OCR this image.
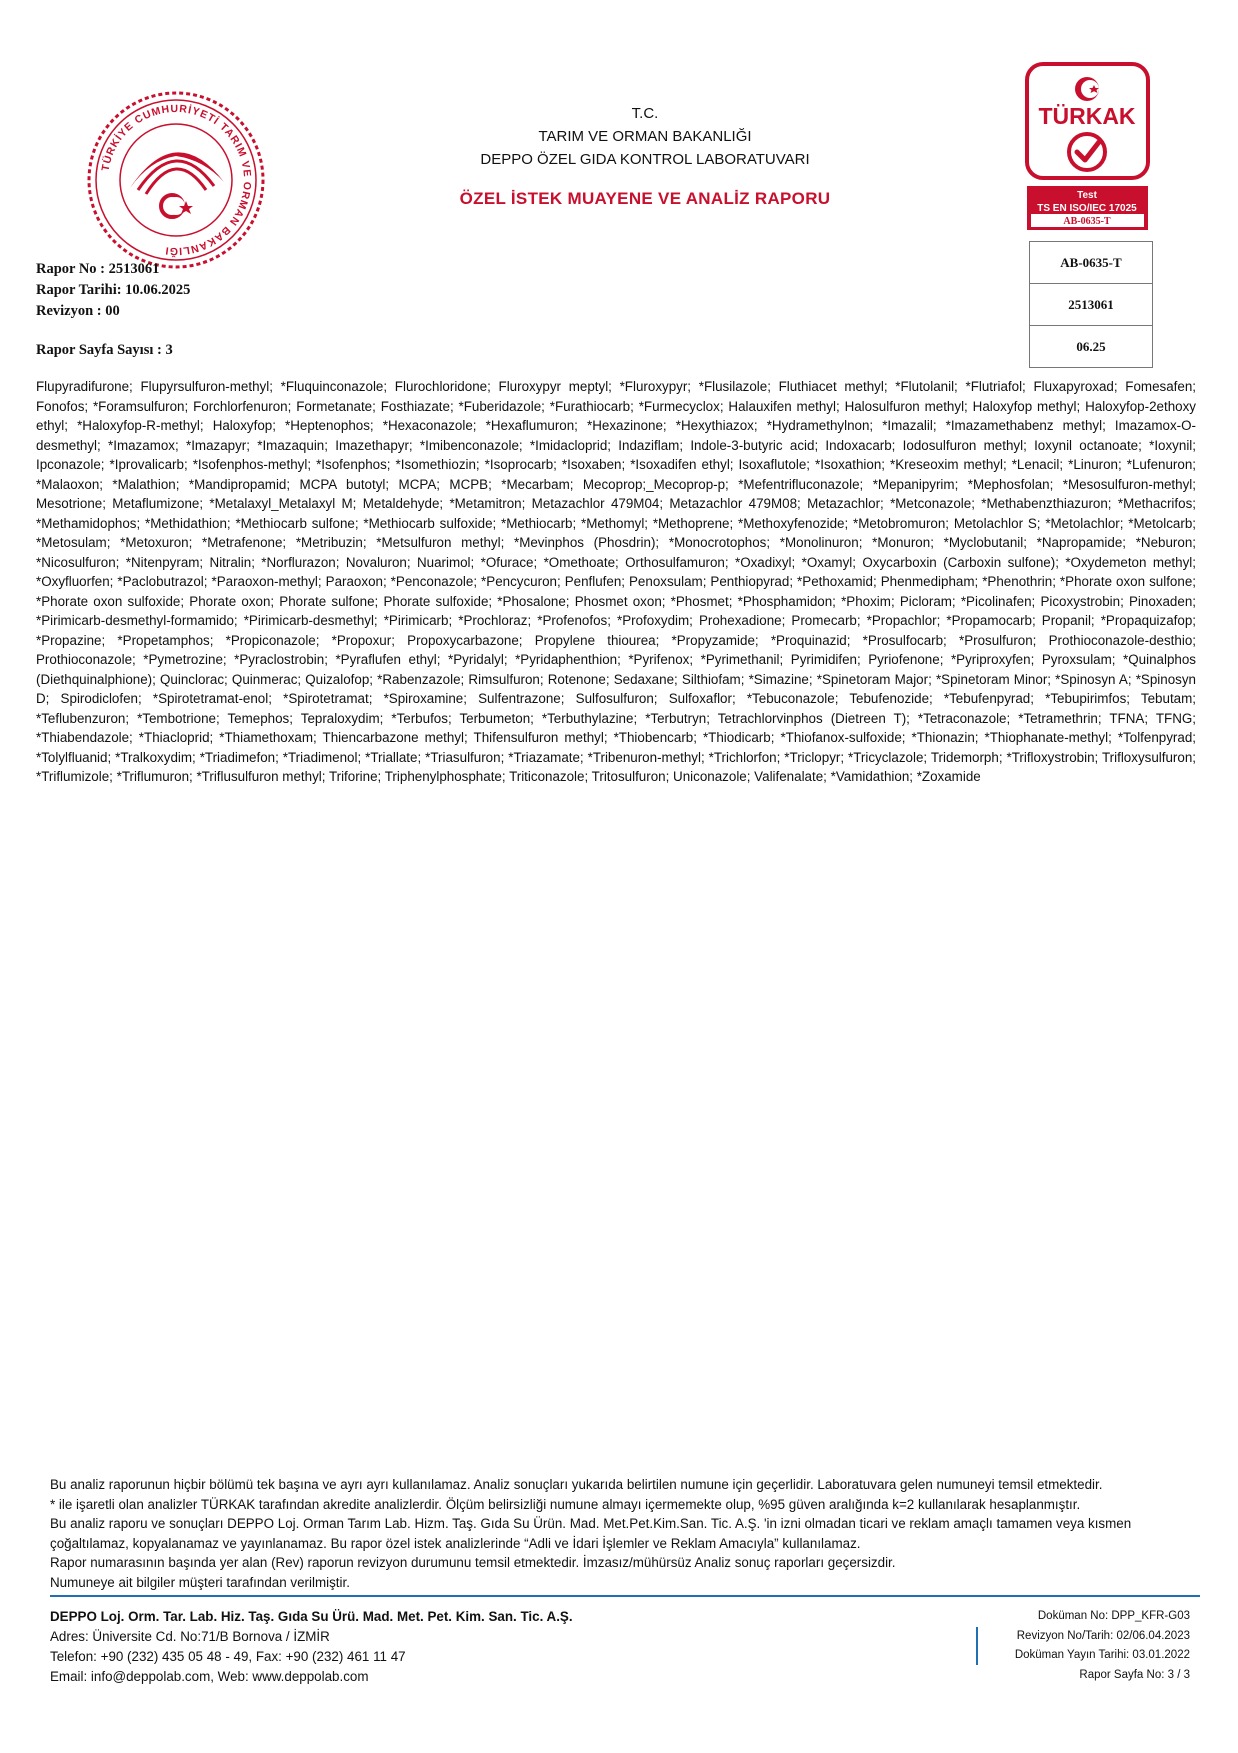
TÜRKİYE CUMHURİYETİ TARIM VE ORMAN BAKANLIĞI
T.C.
TARIM VE ORMAN BAKANLIĞI
DEPPO ÖZEL GIDA KONTROL LABORATUVARI
ÖZEL İSTEK MUAYENE VE ANALİZ RAPORU
TÜRKAK
Test
TS EN ISO/IEC 17025
AB-0635-T
AB-0635-T
2513061
06.25
Rapor No : 2513061
Rapor Tarihi: 10.06.2025
Revizyon : 00
Rapor Sayfa Sayısı : 3
Flupyradifurone; Flupyrsulfuron-methyl; *Fluquinconazole; Flurochloridone; Fluroxypyr meptyl; *Fluroxypyr; *Flusilazole; Fluthiacet methyl; *Flutolanil; *Flutriafol; Fluxapyroxad; Fomesafen; Fonofos; *Foramsulfuron; Forchlorfenuron; Formetanate; Fosthiazate; *Fuberidazole; *Furathiocarb; *Furmecyclox; Halauxifen methyl; Halosulfuron methyl; Haloxyfop methyl; Haloxyfop-2ethoxy ethyl; *Haloxyfop-R-methyl; Haloxyfop; *Heptenophos; *Hexaconazole; *Hexaflumuron; *Hexazinone; *Hexythiazox; *Hydramethylnon; *Imazalil; *Imazamethabenz methyl; Imazamox-O-desmethyl; *Imazamox; *Imazapyr; *Imazaquin; Imazethapyr; *Imibenconazole; *Imidacloprid; Indaziflam; Indole-3-butyric acid; Indoxacarb; Iodosulfuron methyl; Ioxynil octanoate; *Ioxynil; Ipconazole; *Iprovalicarb; *Isofenphos-methyl; *Isofenphos; *Isomethiozin; *Isoprocarb; *Isoxaben; *Isoxadifen ethyl; Isoxaflutole; *Isoxathion; *Kreseoxim methyl; *Lenacil; *Linuron; *Lufenuron; *Malaoxon; *Malathion; *Mandipropamid; MCPA butotyl; MCPA; MCPB; *Mecarbam; Mecoprop;_Mecoprop-p; *Mefentrifluconazole; *Mepanipyrim; *Mephosfolan; *Mesosulfuron-methyl; Mesotrione; Metaflumizone; *Metalaxyl_Metalaxyl M; Metaldehyde; *Metamitron; Metazachlor 479M04; Metazachlor 479M08; Metazachlor; *Metconazole; *Methabenzthiazuron; *Methacrifos; *Methamidophos; *Methidathion; *Methiocarb sulfone; *Methiocarb sulfoxide; *Methiocarb; *Methomyl; *Methoprene; *Methoxyfenozide; *Metobromuron; Metolachlor S; *Metolachlor; *Metolcarb; *Metosulam; *Metoxuron; *Metrafenone; *Metribuzin; *Metsulfuron methyl; *Mevinphos (Phosdrin); *Monocrotophos; *Monolinuron; *Monuron; *Myclobutanil; *Napropamide; *Neburon; *Nicosulfuron; *Nitenpyram; Nitralin; *Norflurazon; Novaluron; Nuarimol; *Ofurace; *Omethoate; Orthosulfamuron; *Oxadixyl; *Oxamyl; Oxycarboxin (Carboxin sulfone); *Oxydemeton methyl; *Oxyfluorfen; *Paclobutrazol; *Paraoxon-methyl; Paraoxon; *Penconazole; *Pencycuron; Penflufen; Penoxsulam; Penthiopyrad; *Pethoxamid; Phenmedipham; *Phenothrin; *Phorate oxon sulfone; *Phorate oxon sulfoxide; Phorate oxon; Phorate sulfone; Phorate sulfoxide; *Phosalone; Phosmet oxon; *Phosmet; *Phosphamidon; *Phoxim; Picloram; *Picolinafen; Picoxystrobin; Pinoxaden; *Pirimicarb-desmethyl-formamido; *Pirimicarb-desmethyl; *Pirimicarb; *Prochloraz; *Profenofos; *Profoxydim; Prohexadione; Promecarb; *Propachlor; *Propamocarb; Propanil; *Propaquizafop; *Propazine; *Propetamphos; *Propiconazole; *Propoxur; Propoxycarbazone; Propylene thiourea; *Propyzamide; *Proquinazid; *Prosulfocarb; *Prosulfuron; Prothioconazole-desthio; Prothioconazole; *Pymetrozine; *Pyraclostrobin; *Pyraflufen ethyl; *Pyridalyl; *Pyridaphenthion; *Pyrifenox; *Pyrimethanil; Pyrimidifen; Pyriofenone; *Pyriproxyfen; Pyroxsulam; *Quinalphos (Diethquinalphione); Quinclorac; Quinmerac; Quizalofop; *Rabenzazole; Rimsulfuron; Rotenone; Sedaxane; Silthiofam; *Simazine; *Spinetoram Major; *Spinetoram Minor; *Spinosyn A; *Spinosyn D; Spirodiclofen; *Spirotetramat-enol; *Spirotetramat; *Spiroxamine; Sulfentrazone; Sulfosulfuron; Sulfoxaflor; *Tebuconazole; Tebufenozide; *Tebufenpyrad; *Tebupirimfos; Tebutam; *Teflubenzuron; *Tembotrione; Temephos; Tepraloxydim; *Terbufos; Terbumeton; *Terbuthylazine; *Terbutryn; Tetrachlorvinphos (Dietreen T); *Tetraconazole; *Tetramethrin; TFNA; TFNG; *Thiabendazole; *Thiacloprid; *Thiamethoxam; Thiencarbazone methyl; Thifensulfuron methyl; *Thiobencarb; *Thiodicarb; *Thiofanox-sulfoxide; *Thionazin; *Thiophanate-methyl; *Tolfenpyrad; *Tolylfluanid; *Tralkoxydim; *Triadimefon; *Triadimenol; *Triallate; *Triasulfuron; *Triazamate; *Tribenuron-methyl; *Trichlorfon; *Triclopyr; *Tricyclazole; Tridemorph; *Trifloxystrobin; Trifloxysulfuron; *Triflumizole; *Triflumuron; *Triflusulfuron methyl; Triforine; Triphenylphosphate; Triticonazole; Tritosulfuron; Uniconazole; Valifenalate; *Vamidathion; *Zoxamide

Bu analiz raporunun hiçbir bölümü tek başına ve ayrı ayrı kullanılamaz. Analiz sonuçları yukarıda belirtilen numune için geçerlidir. Laboratuvara gelen numuneyi temsil etmektedir.

* ile işaretli olan analizler TÜRKAK tarafından akredite analizlerdir. Ölçüm belirsizliği numune almayı içermemekte olup, %95 güven aralığında k=2 kullanılarak hesaplanmıştır.

Bu analiz raporu ve sonuçları DEPPO Loj. Orman Tarım Lab. Hizm. Taş. Gıda Su Ürün. Mad. Met.Pet.Kim.San. Tic. A.Ş. 'in izni olmadan ticari ve reklam amaçlı tamamen veya kısmen çoğaltılamaz, kopyalanamaz ve yayınlanamaz. Bu rapor özel istek analizlerinde “Adli ve İdari İşlemler ve Reklam Amacıyla” kullanılamaz.

Rapor numarasının başında yer alan (Rev) raporun revizyon durumunu temsil etmektedir. İmzasız/mühürsüz Analiz sonuç raporları geçersizdir.

Numuneye ait bilgiler müşteri tarafından verilmiştir.

DEPPO Loj. Orm. Tar. Lab. Hiz. Taş. Gıda Su Ürü. Mad. Met. Pet. Kim. San. Tic. A.Ş.
Adres: Üniversite Cd. No:71/B Bornova / İZMİR
Telefon: +90 (232) 435 05 48 - 49, Fax: +90 (232) 461 11 47
Email: info@deppolab.com, Web: www.deppolab.com
Doküman No: DPP_KFR-G03
Revizyon No/Tarih: 02/06.04.2023
Doküman Yayın Tarihi: 03.01.2022
Rapor Sayfa No: 3 / 3
